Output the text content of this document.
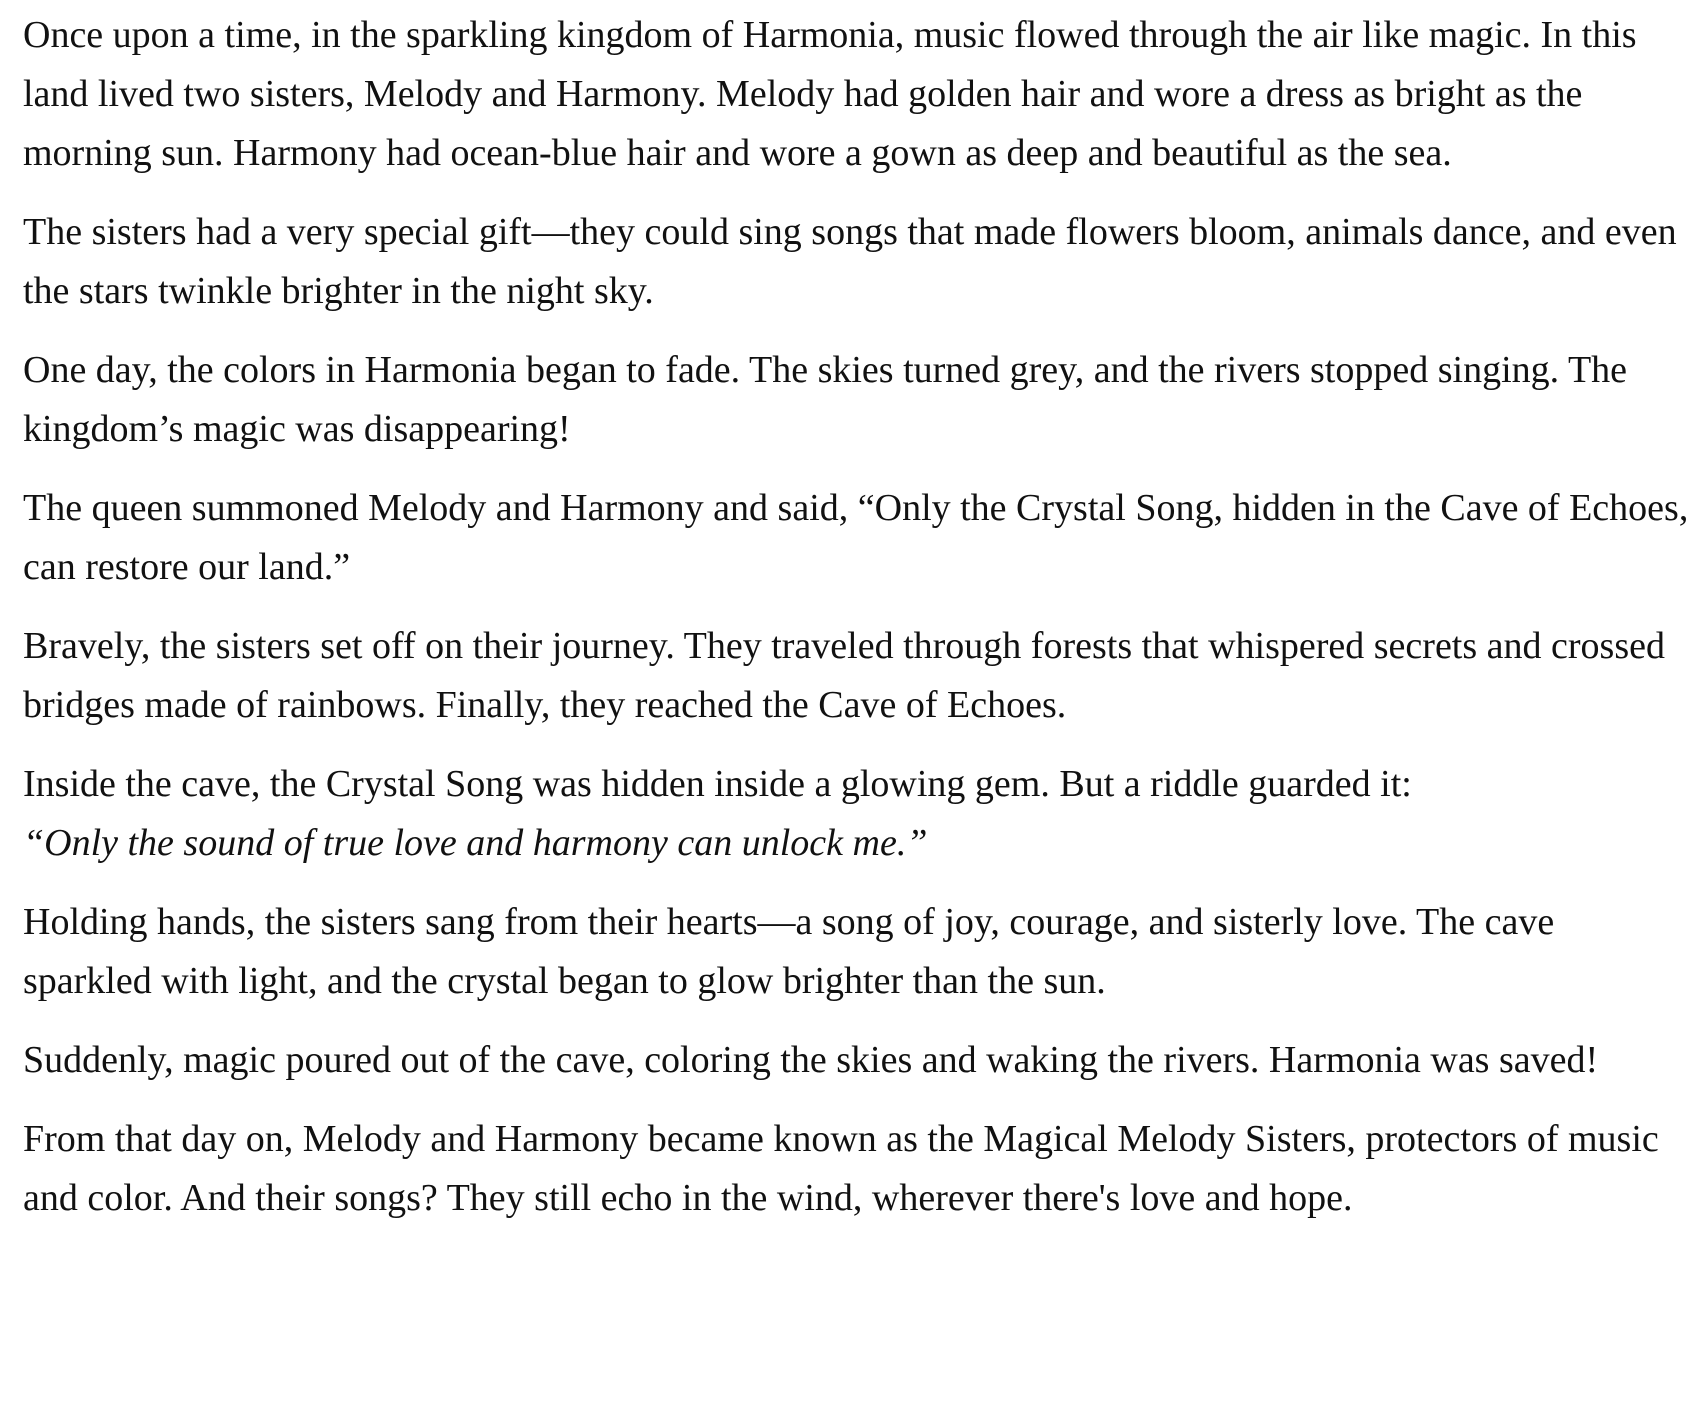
Once upon a time, in the sparkling kingdom of Harmonia, music flowed through the air like magic. In this land lived two sisters, Melody and Harmony. Melody had golden hair and wore a dress as bright as the morning sun. Harmony had ocean-blue hair and wore a gown as deep and beautiful as the sea.

The sisters had a very special gift—they could sing songs that made flowers bloom, animals dance, and even the stars twinkle brighter in the night sky.

One day, the colors in Harmonia began to fade. The skies turned grey, and the rivers stopped singing. The kingdom’s magic was disappearing!

The queen summoned Melody and Harmony and said, “Only the Crystal Song, hidden in the Cave of Echoes, can restore our land.”

Bravely, the sisters set off on their journey. They traveled through forests that whispered secrets and crossed bridges made of rainbows. Finally, they reached the Cave of Echoes.

Inside the cave, the Crystal Song was hidden inside a glowing gem. But a riddle guarded it:
“Only the sound of true love and harmony can unlock me.”

Holding hands, the sisters sang from their hearts—a song of joy, courage, and sisterly love. The cave sparkled with light, and the crystal began to glow brighter than the sun.

Suddenly, magic poured out of the cave, coloring the skies and waking the rivers. Harmonia was saved!

From that day on, Melody and Harmony became known as the Magical Melody Sisters, protectors of music and color. And their songs? They still echo in the wind, wherever there's love and hope.
